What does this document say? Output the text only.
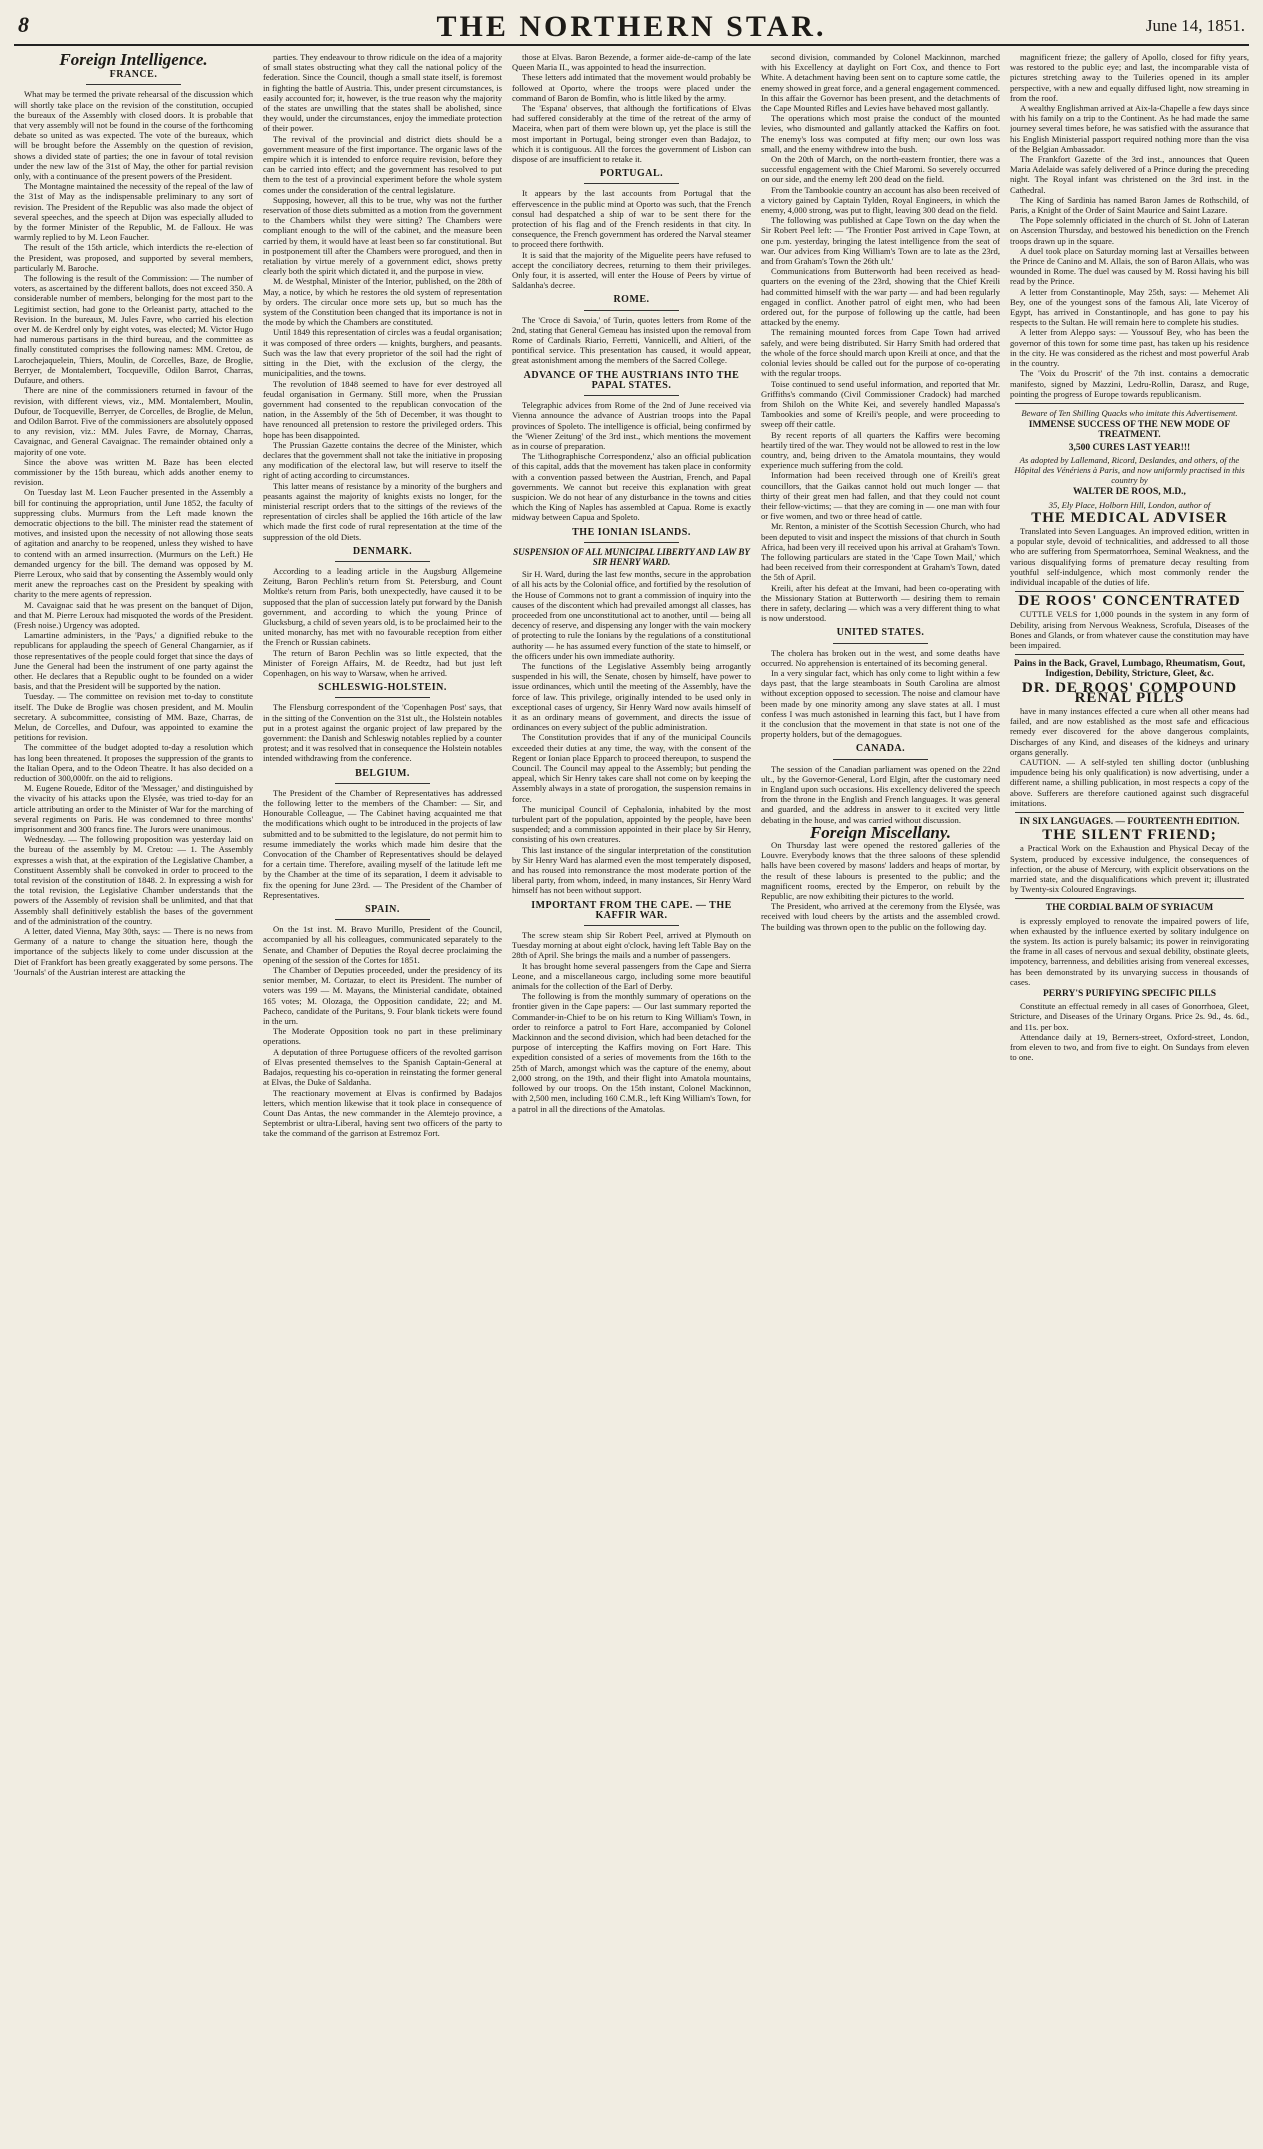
8	THE NORTHERN STAR.	June 14, 1851.
Foreign Intelligence.
FRANCE.

What may be termed the private rehearsal of the discussion which will shortly take place on the revision of the constitution, occupied the bureaux of the Assembly with closed doors. It is probable that that very assembly will not be found in the course of the forthcoming debate so united as was expected. The vote of the bureaux, which will be brought before the Assembly on the question of revision, shows a divided state of parties; the one in favour of total revision under the new law of the 31st of May, the other for partial revision only, with a continuance of the present powers of the President.

The Montagne maintained the necessity of the repeal of the law of the 31st of May as the indispensable preliminary to any sort of revision. The President of the Republic was also made the object of several speeches, and the speech at Dijon was especially alluded to by the former Minister of the Republic, M. de Falloux. He was warmly replied to by M. Leon Faucher.

The result of the 15th article, which interdicts the re-election of the President, was proposed, and supported by several members, particularly M. Baroche.

The following is the result of the Commission: — The number of voters, as ascertained by the different ballots, does not exceed 350. A considerable number of members, belonging for the most part to the Legitimist section, had gone to the Orleanist party, attached to the Revision. In the bureaux, M. Jules Favre, who carried his election over M. de Kerdrel only by eight votes, was elected; M. Victor Hugo had numerous partisans in the third bureau, and the committee as finally constituted comprises the following names: MM. Cretou, de Larochejaquelein, Thiers, Moulin, de Corcelles, Baze, de Broglie, Berryer, de Montalembert, Tocqueville, Odilon Barrot, Charras, Dufaure, and others.

There are nine of the commissioners returned in favour of the revision, with different views, viz., MM. Montalembert, Moulin, Dufour, de Tocqueville, Berryer, de Corcelles, de Broglie, de Melun, and Odilon Barrot. Five of the commissioners are absolutely opposed to any revision, viz.: MM. Jules Favre, de Mornay, Charras, Cavaignac, and General Cavaignac. The remainder obtained only a majority of one vote.

Since the above was written M. Baze has been elected commissioner by the 15th bureau, which adds another enemy to revision.

On Tuesday last M. Leon Faucher presented in the Assembly a bill for continuing the appropriation, until June 1852, the faculty of suppressing clubs. Murmurs from the Left made known the democratic objections to the bill. The minister read the statement of motives, and insisted upon the necessity of not allowing those seats of agitation and anarchy to be reopened, unless they wished to have to contend with an armed insurrection. (Murmurs on the Left.) He demanded urgency for the bill. The demand was opposed by M. Pierre Leroux, who said that by consenting the Assembly would only merit anew the reproaches cast on the President by speaking with charity to the mere agents of repression.

M. Cavaignac said that he was present on the banquet of Dijon, and that M. Pierre Leroux had misquoted the words of the President. (Fresh noise.) Urgency was adopted.

Lamartine administers, in the 'Pays,' a dignified rebuke to the republicans for applauding the speech of General Changarnier, as if those representatives of the people could forget that since the days of June the General had been the instrument of one party against the other. He declares that a Republic ought to be founded on a wider basis, and that the President will be supported by the nation.

Tuesday. — The committee on revision met to-day to constitute itself. The Duke de Broglie was chosen president, and M. Moulin secretary. A subcommittee, consisting of MM. Baze, Charras, de Melun, de Corcelles, and Dufour, was appointed to examine the petitions for revision.

The committee of the budget adopted to-day a resolution which has long been threatened. It proposes the suppression of the grants to the Italian Opera, and to the Odeon Theatre. It has also decided on a reduction of 300,000fr. on the aid to religions.

M. Eugene Rouede, Editor of the 'Messager,' and distinguished by the vivacity of his attacks upon the Elysée, was tried to-day for an article attributing an order to the Minister of War for the marching of several regiments on Paris. He was condemned to three months' imprisonment and 300 francs fine. The Jurors were unanimous.

Wednesday. — The following proposition was yesterday laid on the bureau of the assembly by M. Cretou: — 1. The Assembly expresses a wish that, at the expiration of the Legislative Chamber, a Constituent Assembly shall be convoked in order to proceed to the total revision of the constitution of 1848. 2. In expressing a wish for the total revision, the Legislative Chamber understands that the powers of the Assembly of revision shall be unlimited, and that that Assembly shall definitively establish the bases of the government and of the administration of the country.

A letter, dated Vienna, May 30th, says: — There is no news from Germany of a nature to change the situation here, though the importance of the subjects likely to come under discussion at the Diet of Frankfort has been greatly exaggerated by some persons. The 'Journals' of the Austrian interest are attacking the

parties. They endeavour to throw ridicule on the idea of a majority of small states obstructing what they call the national policy of the federation. Since the Council, though a small state itself, is foremost in fighting the battle of Austria. This, under present circumstances, is easily accounted for; it, however, is the true reason why the majority of the states are unwilling that the states shall be abolished, since they would, under the circumstances, enjoy the immediate protection of their power.

The revival of the provincial and district diets should be a government measure of the first importance. The organic laws of the empire which it is intended to enforce require revision, before they can be carried into effect; and the government has resolved to put them to the test of a provincial experiment before the whole system comes under the consideration of the central legislature.

Supposing, however, all this to be true, why was not the further reservation of those diets submitted as a motion from the government to the Chambers whilst they were sitting? The Chambers were compliant enough to the will of the cabinet, and the measure been carried by them, it would have at least been so far constitutional. But in postponement till after the Chambers were prorogued, and then in retaliation by virtue merely of a government edict, shows pretty clearly both the spirit which dictated it, and the purpose in view.

M. de Westphal, Minister of the Interior, published, on the 28th of May, a notice, by which he restores the old system of representation by orders. The circular once more sets up, but so much has the system of the Constitution been changed that its importance is not in the mode by which the Chambers are constituted.

Until 1849 this representation of circles was a feudal organisation; it was composed of three orders — knights, burghers, and peasants. Such was the law that every proprietor of the soil had the right of sitting in the Diet, with the exclusion of the clergy, the municipalities, and the towns.

The revolution of 1848 seemed to have for ever destroyed all feudal organisation in Germany. Still more, when the Prussian government had consented to the republican convocation of the nation, in the Assembly of the 5th of December, it was thought to have renounced all pretension to restore the privileged orders. This hope has been disappointed.

The Prussian Gazette contains the decree of the Minister, which declares that the government shall not take the initiative in proposing any modification of the electoral law, but will reserve to itself the right of acting according to circumstances.

This latter means of resistance by a minority of the burghers and peasants against the majority of knights exists no longer, for the ministerial rescript orders that to the sittings of the reviews of the representation of circles shall be applied the 16th article of the law which made the first code of rural representation at the time of the suppression of the old Diets.

DENMARK.

According to a leading article in the Augsburg Allgemeine Zeitung, Baron Pechlin's return from St. Petersburg, and Count Moltke's return from Paris, both unexpectedly, have caused it to be supposed that the plan of succession lately put forward by the Danish government, and according to which the young Prince of Glucksburg, a child of seven years old, is to be proclaimed heir to the united monarchy, has met with no favourable reception from either the French or Russian cabinets.

The return of Baron Pechlin was so little expected, that the Minister of Foreign Affairs, M. de Reedtz, had but just left Copenhagen, on his way to Warsaw, when he arrived.

SCHLESWIG-HOLSTEIN.

The Flensburg correspondent of the 'Copenhagen Post' says, that in the sitting of the Convention on the 31st ult., the Holstein notables put in a protest against the organic project of law prepared by the government: the Danish and Schleswig notables replied by a counter protest; and it was resolved that in consequence the Holstein notables intended withdrawing from the conference.

BELGIUM.

The President of the Chamber of Representatives has addressed the following letter to the members of the Chamber: — Sir, and Honourable Colleague, — The Cabinet having acquainted me that the modifications which ought to be introduced in the projects of law submitted and to be submitted to the legislature, do not permit him to resume immediately the works which made him desire that the Convocation of the Chamber of Representatives should be delayed for a certain time. Therefore, availing myself of the latitude left me by the Chamber at the time of its separation, I deem it advisable to fix the opening for June 23rd. — The President of the Chamber of Representatives.

SPAIN.

On the 1st inst. M. Bravo Murillo, President of the Council, accompanied by all his colleagues, communicated separately to the Senate, and Chamber of Deputies the Royal decree proclaiming the opening of the session of the Cortes for 1851.

The Chamber of Deputies proceeded, under the presidency of its senior member, M. Cortazar, to elect its President. The number of voters was 199 — M. Mayans, the Ministerial candidate, obtained 165 votes; M. Olozaga, the Opposition candidate, 22; and M. Pacheco, candidate of the Puritans, 9. Four blank tickets were found in the urn.

The Moderate Opposition took no part in these preliminary operations.

A deputation of three Portuguese officers of the revolted garrison of Elvas presented themselves to the Spanish Captain-General at Badajos, requesting his co-operation in reinstating the former general at Elvas, the Duke of Saldanha.

The reactionary movement at Elvas is confirmed by Badajos letters, which mention likewise that it took place in consequence of Count Das Antas, the new commander in the Alemtejo province, a Septembrist or ultra-Liberal, having sent two officers of the party to take the command of the garrison at Estremoz Fort.

those at Elvas. Baron Bezende, a former aide-de-camp of the late Queen Maria II., was appointed to head the insurrection.

These letters add intimated that the movement would probably be followed at Oporto, where the troops were placed under the command of Baron de Bomfin, who is little liked by the army.

The 'Espana' observes, that although the fortifications of Elvas had suffered considerably at the time of the retreat of the army of Maceira, when part of them were blown up, yet the place is still the most important in Portugal, being stronger even than Badajoz, to which it is contiguous. All the forces the government of Lisbon can dispose of are insufficient to retake it.

PORTUGAL.

It appears by the last accounts from Portugal that the effervescence in the public mind at Oporto was such, that the French consul had despatched a ship of war to be sent there for the protection of his flag and of the French residents in that city. In consequence, the French government has ordered the Narval steamer to proceed there forthwith.

It is said that the majority of the Miguelite peers have refused to accept the conciliatory decrees, returning to them their privileges. Only four, it is asserted, will enter the House of Peers by virtue of Saldanha's decree.

ROME.

The 'Croce di Savoia,' of Turin, quotes letters from Rome of the 2nd, stating that General Gemeau has insisted upon the removal from Rome of Cardinals Riario, Ferretti, Vannicelli, and Altieri, of the pontifical service. This presentation has caused, it would appear, great astonishment among the members of the Sacred College.

ADVANCE OF THE AUSTRIANS INTO THE PAPAL STATES.

Telegraphic advices from Rome of the 2nd of June received via Vienna announce the advance of Austrian troops into the Papal provinces of Spoleto. The intelligence is official, being confirmed by the 'Wiener Zeitung' of the 3rd inst., which mentions the movement as in course of preparation.

The 'Lithographische Correspondenz,' also an official publication of this capital, adds that the movement has taken place in conformity with a convention passed between the Austrian, French, and Papal governments. We cannot but receive this explanation with great suspicion. We do not hear of any disturbance in the towns and cities which the King of Naples has assembled at Capua. Rome is exactly midway between Capua and Spoleto.

THE IONIAN ISLANDS.
SUSPENSION OF ALL MUNICIPAL LIBERTY AND LAW BY SIR HENRY WARD.

Sir H. Ward, during the last few months, secure in the approbation of all his acts by the Colonial office, and fortified by the resolution of the House of Commons not to grant a commission of inquiry into the causes of the discontent which had prevailed amongst all classes, has proceeded from one unconstitutional act to another, until — being all decency of reserve, and dispensing any longer with the vain mockery of protecting to rule the Ionians by the regulations of a constitutional authority — he has assumed every function of the state to himself, or the officers under his own immediate authority.

The functions of the Legislative Assembly being arrogantly suspended in his will, the Senate, chosen by himself, have power to issue ordinances, which until the meeting of the Assembly, have the force of law. This privilege, originally intended to be used only in exceptional cases of urgency, Sir Henry Ward now avails himself of it as an ordinary means of government, and directs the issue of ordinances on every subject of the public administration.

The Constitution provides that if any of the municipal Councils exceeded their duties at any time, the way, with the consent of the Regent or Ionian place Epparch to proceed thereupon, to suspend the Council. The Council may appeal to the Assembly; but pending the appeal, which Sir Henry takes care shall not come on by keeping the Assembly always in a state of prorogation, the suspension remains in force.

The municipal Council of Cephalonia, inhabited by the most turbulent part of the population, appointed by the people, have been suspended; and a commission appointed in their place by Sir Henry, consisting of his own creatures.

This last instance of the singular interpretation of the constitution by Sir Henry Ward has alarmed even the most temperately disposed, and has roused into remonstrance the most moderate portion of the liberal party, from whom, indeed, in many instances, Sir Henry Ward himself has not been without support.

IMPORTANT FROM THE CAPE. — THE KAFFIR WAR.

The screw steam ship Sir Robert Peel, arrived at Plymouth on Tuesday morning at about eight o'clock, having left Table Bay on the 28th of April. She brings the mails and a number of passengers.

It has brought home several passengers from the Cape and Sierra Leone, and a miscellaneous cargo, including some more beautiful animals for the collection of the Earl of Derby.

The following is from the monthly summary of operations on the frontier given in the Cape papers: — Our last summary reported the Commander-in-Chief to be on his return to King William's Town, in order to reinforce a patrol to Fort Hare, accompanied by Colonel Mackinnon and the second division, which had been detached for the purpose of intercepting the Kaffirs moving on Fort Hare. This expedition consisted of a series of movements from the 16th to the 25th of March, amongst which was the capture of the enemy, about 2,000 strong, on the 19th, and their flight into Amatola mountains, followed by our troops. On the 15th instant, Colonel Mackinnon, with 2,500 men, including 160 C.M.R., left King William's Town, for a patrol in all the directions of the Amatolas.

second division, commanded by Colonel Mackinnon, marched with his Excellency at daylight on Fort Cox, and thence to Fort White. A detachment having been sent on to capture some cattle, the enemy showed in great force, and a general engagement commenced. In this affair the Governor has been present, and the detachments of the Cape Mounted Rifles and Levies have behaved most gallantly.

The operations which most praise the conduct of the mounted levies, who dismounted and gallantly attacked the Kaffirs on foot. The enemy's loss was computed at fifty men; our own loss was small, and the enemy withdrew into the bush.

On the 20th of March, on the north-eastern frontier, there was a successful engagement with the Chief Maromi. So severely occurred on our side, and the enemy left 200 dead on the field.

From the Tambookie country an account has also been received of a victory gained by Captain Tylden, Royal Engineers, in which the enemy, 4,000 strong, was put to flight, leaving 300 dead on the field.

The following was published at Cape Town on the day when the Sir Robert Peel left: — 'The Frontier Post arrived in Cape Town, at one p.m. yesterday, bringing the latest intelligence from the seat of war. Our advices from King William's Town are to late as the 23rd, and from Graham's Town the 26th ult.'

Communications from Butterworth had been received as head-quarters on the evening of the 23rd, showing that the Chief Kreili had committed himself with the war party — and had been regularly engaged in conflict. Another patrol of eight men, who had been ordered out, for the purpose of following up the cattle, had been attacked by the enemy.

The remaining mounted forces from Cape Town had arrived safely, and were being distributed. Sir Harry Smith had ordered that the whole of the force should march upon Kreili at once, and that the colonial levies should be called out for the purpose of co-operating with the regular troops.

Toise continued to send useful information, and reported that Mr. Griffiths's commando (Civil Commissioner Cradock) had marched from Shiloh on the White Kei, and severely handled Mapassa's Tambookies and some of Kreili's people, and were proceeding to sweep off their cattle.

By recent reports of all quarters the Kaffirs were becoming heartily tired of the war. They would not be allowed to rest in the low country, and, being driven to the Amatola mountains, they would experience much suffering from the cold.

Information had been received through one of Kreili's great councillors, that the Gaikas cannot hold out much longer — that thirty of their great men had fallen, and that they could not count their fellow-victims; — that they are coming in — one man with four or five women, and two or three head of cattle.

Mr. Renton, a minister of the Scottish Secession Church, who had been deputed to visit and inspect the missions of that church in South Africa, had been very ill received upon his arrival at Graham's Town. The following particulars are stated in the 'Cape Town Mail,' which had been received from their correspondent at Graham's Town, dated the 5th of April.

Kreili, after his defeat at the Imvani, had been co-operating with the Missionary Station at Butterworth — desiring them to remain there in safety, declaring — which was a very different thing to what is now understood.

UNITED STATES.

The cholera has broken out in the west, and some deaths have occurred. No apprehension is entertained of its becoming general.

In a very singular fact, which has only come to light within a few days past, that the large steamboats in South Carolina are almost without exception opposed to secession. The noise and clamour have been made by one minority among any slave states at all. I must confess I was much astonished in learning this fact, but I have from it the conclusion that the movement in that state is not one of the property holders, but of the demagogues.

CANADA.

The session of the Canadian parliament was opened on the 22nd ult., by the Governor-General, Lord Elgin, after the customary need in England upon such occasions. His excellency delivered the speech from the throne in the English and French languages. It was general and guarded, and the address in answer to it excited very little debating in the house, and was carried without discussion.

Foreign Miscellany.

On Thursday last were opened the restored galleries of the Louvre. Everybody knows that the three saloons of these splendid halls have been covered by masons' ladders and heaps of mortar, by the result of these labours is presented to the public; and the magnificent rooms, erected by the Emperor, on rebuilt by the Republic, are now exhibiting their pictures to the world.

The President, who arrived at the ceremony from the Elysée, was received with loud cheers by the artists and the assembled crowd. The building was thrown open to the public on the following day.

magnificent frieze; the gallery of Apollo, closed for fifty years, was restored to the public eye; and last, the incomparable vista of pictures stretching away to the Tuileries opened in its ampler perspective, with a new and equally diffused light, now streaming in from the roof.

A wealthy Englishman arrived at Aix-la-Chapelle a few days since with his family on a trip to the Continent. As he had made the same journey several times before, he was satisfied with the assurance that his English Ministerial passport required nothing more than the visa of the Belgian Ambassador.

The Frankfort Gazette of the 3rd inst., announces that Queen Maria Adelaide was safely delivered of a Prince during the preceding night. The Royal infant was christened on the 3rd inst. in the Cathedral.

The King of Sardinia has named Baron James de Rothschild, of Paris, a Knight of the Order of Saint Maurice and Saint Lazare.

The Pope solemnly officiated in the church of St. John of Lateran on Ascension Thursday, and bestowed his benediction on the French troops drawn up in the square.

A duel took place on Saturday morning last at Versailles between the Prince de Canino and M. Allais, the son of Baron Allais, who was wounded in Rome. The duel was caused by M. Rossi having his bill read by the Prince.

A letter from Constantinople, May 25th, says: — Mehemet Ali Bey, one of the youngest sons of the famous Ali, late Viceroy of Egypt, has arrived in Constantinople, and has gone to pay his respects to the Sultan. He will remain here to complete his studies.

A letter from Aleppo says: — Youssouf Bey, who has been the governor of this town for some time past, has taken up his residence in the city. He was considered as the richest and most powerful Arab in the country.

The 'Voix du Proscrit' of the 7th inst. contains a democratic manifesto, signed by Mazzini, Ledru-Rollin, Darasz, and Ruge, pointing the progress of Europe towards republicanism.

Beware of Ten Shilling Quacks who imitate this Advertisement.
IMMENSE SUCCESS OF THE NEW MODE OF TREATMENT.
3,500 CURES LAST YEAR!!!
As adopted by Lallemand, Ricord, Deslandes, and others, of the Hôpital des Vénériens à Paris, and now uniformly practised in this country by
WALTER DE ROOS, M.D.,
35, Ely Place, Holborn Hill, London, author of
THE MEDICAL ADVISER

Translated into Seven Languages. An improved edition, written in a popular style, devoid of technicalities, and addressed to all those who are suffering from Spermatorrhoea, Seminal Weakness, and the various disqualifying forms of premature decay resulting from youthful self-indulgence, which most commonly render the individual incapable of the duties of life.

DE ROOS' CONCENTRATED

CUTTLE VELS for 1,000 pounds in the system in any form of Debility, arising from Nervous Weakness, Scrofula, Diseases of the Bones and Glands, or from whatever cause the constitution may have been impaired.

Pains in the Back, Gravel, Lumbago, Rheumatism, Gout, Indigestion, Debility, Stricture, Gleet, &c.
DR. DE ROOS' COMPOUND RENAL PILLS

have in many instances effected a cure when all other means had failed, and are now established as the most safe and efficacious remedy ever discovered for the above dangerous complaints, Discharges of any Kind, and diseases of the kidneys and urinary organs generally.

CAUTION. — A self-styled ten shilling doctor (unblushing impudence being his only qualification) is now advertising, under a different name, a shilling publication, in most respects a copy of the above. Sufferers are therefore cautioned against such disgraceful imitations.

IN SIX LANGUAGES. — FOURTEENTH EDITION.
THE SILENT FRIEND;

a Practical Work on the Exhaustion and Physical Decay of the System, produced by excessive indulgence, the consequences of infection, or the abuse of Mercury, with explicit observations on the married state, and the disqualifications which prevent it; illustrated by Twenty-six Coloured Engravings.

THE CORDIAL BALM OF SYRIACUM

is expressly employed to renovate the impaired powers of life, when exhausted by the influence exerted by solitary indulgence on the system. Its action is purely balsamic; its power in reinvigorating the frame in all cases of nervous and sexual debility, obstinate gleets, impotency, barrenness, and debilities arising from venereal excesses, has been demonstrated by its unvarying success in thousands of cases.

PERRY'S PURIFYING SPECIFIC PILLS

Constitute an effectual remedy in all cases of Gonorrhoea, Gleet, Stricture, and Diseases of the Urinary Organs. Price 2s. 9d., 4s. 6d., and 11s. per box.

Attendance daily at 19, Berners-street, Oxford-street, London, from eleven to two, and from five to eight. On Sundays from eleven to one.
